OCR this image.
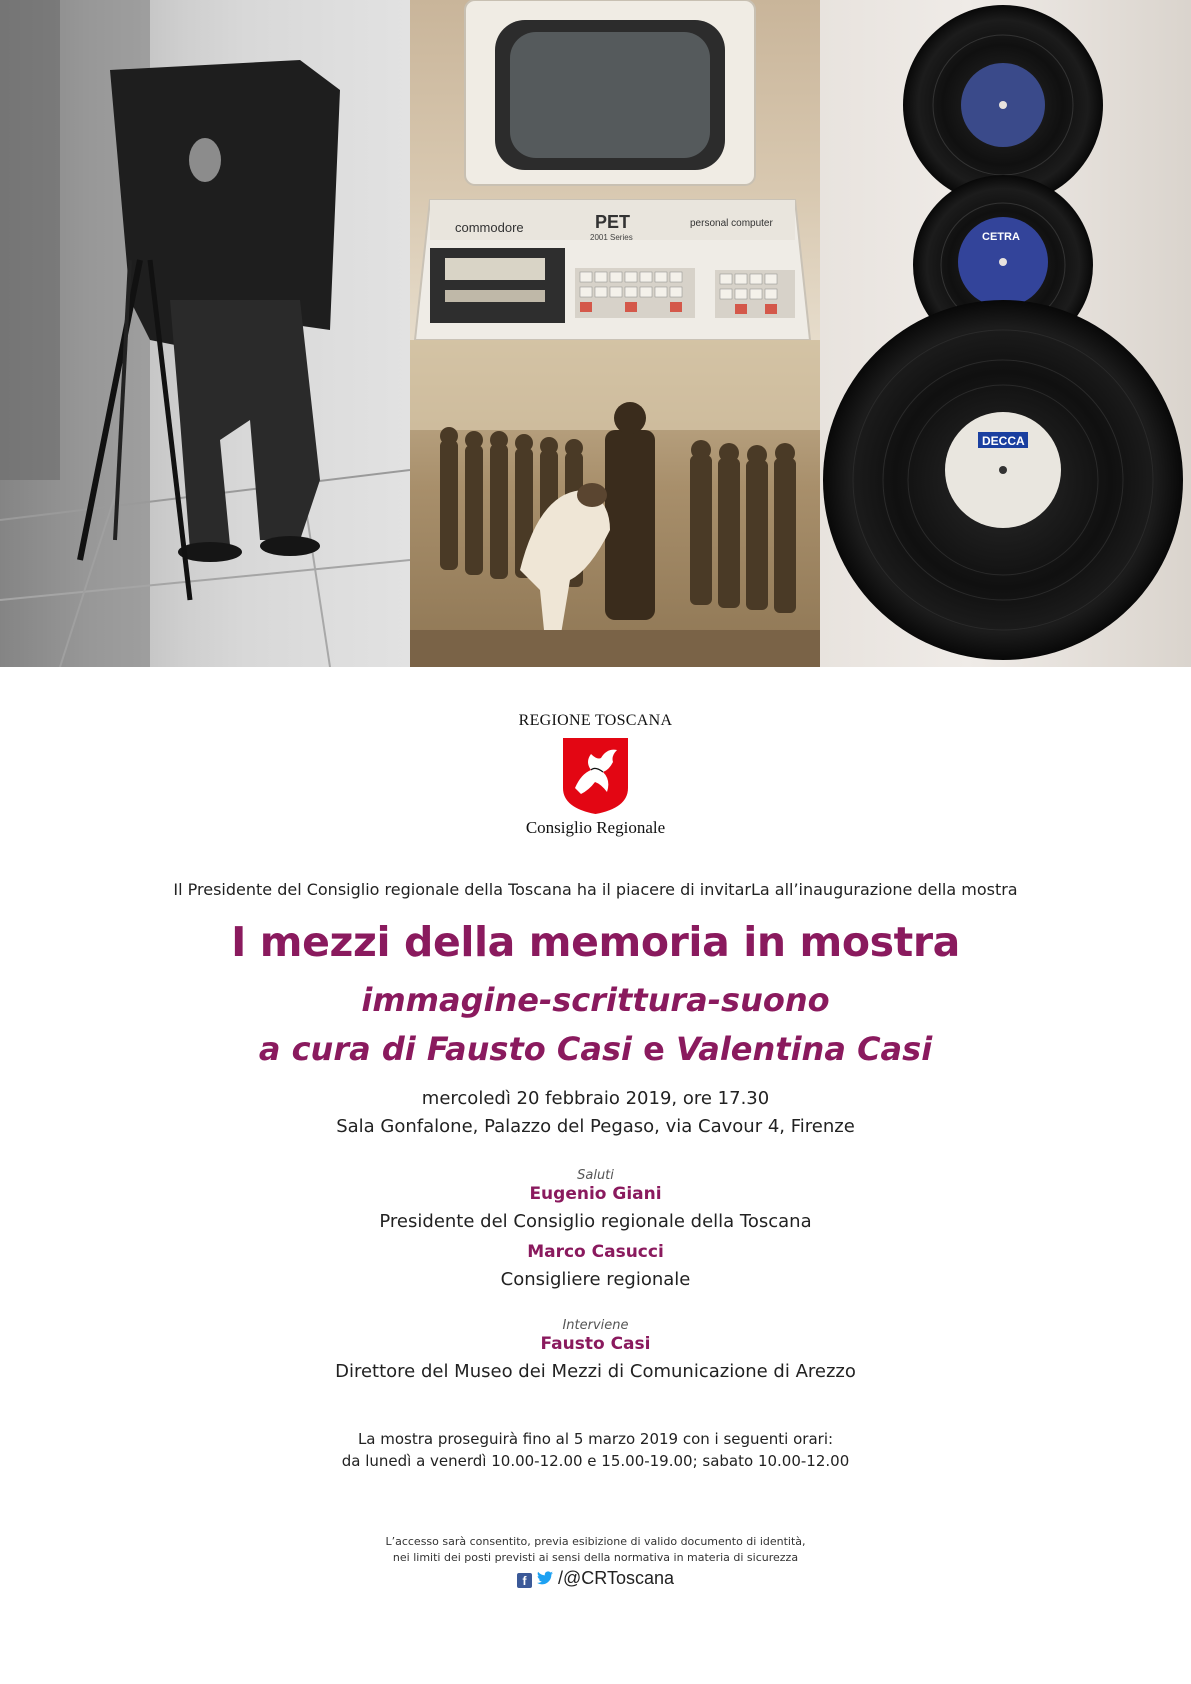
commodore	PET
2001 Series
personal computer
CETRA
DECCA
REGIONE TOSCANA
Consiglio Regionale
Il Presidente del Consiglio regionale della Toscana ha il piacere di invitarLa all’inaugurazione della mostra
I mezzi della memoria in mostra
immagine-scrittura-suono
a cura di Fausto Casi e Valentina Casi
mercoledì 20 febbraio 2019, ore 17.30
Sala Gonfalone, Palazzo del Pegaso, via Cavour 4, Firenze
Saluti
Eugenio Giani
Presidente del Consiglio regionale della Toscana
Marco Casucci
Consigliere regionale
Interviene
Fausto Casi
Direttore del Museo dei Mezzi di Comunicazione di Arezzo
La mostra proseguirà fino al 5 marzo 2019 con i seguenti orari:
da lunedì a venerdì 10.00-12.00 e 15.00-19.00; sabato 10.00-12.00
L’accesso sarà consentito, previa esibizione di valido documento di identità,
nei limiti dei posti previsti ai sensi della normativa in materia di sicurezza
f /@CRToscana
